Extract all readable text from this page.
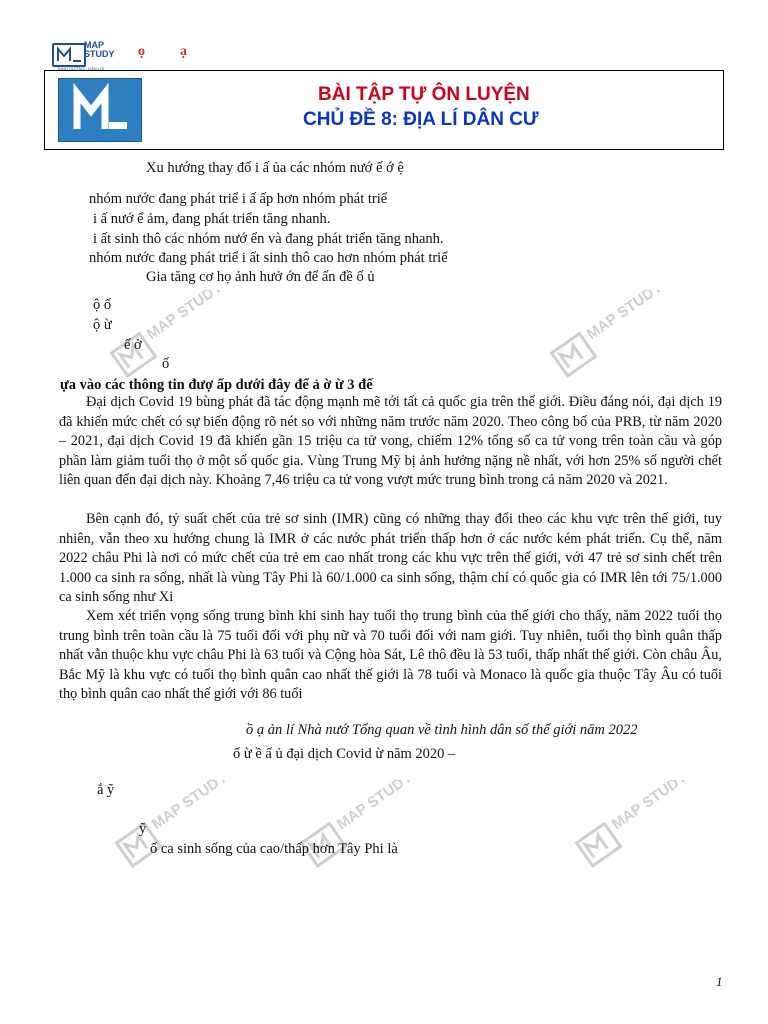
MAP
STUDY
ĐỊNH HƯỚNG - DẪN LỐI
ọ	ạ
BÀI TẬP TỰ ÔN LUYỆN
CHỦ ĐỀ 8: ĐỊA LÍ DÂN CƯ
MAP STUDY	MAP STUDY
MAP STUDY	MAP STUDY	MAP STUDY
Xu hướng thay đổ i ấ ủa các nhóm nướ ế ớ ệ
nhóm nước đang phát triể i ấ ấp hơn nhóm phát triể
i ấ nướ ể ảm, đang phát triển tăng nhanh.
i ất sinh thô các nhóm nướ ển và đang phát triển tăng nhanh.
nhóm nước đang phát triể i ất sinh thô cao hơn nhóm phát triể
Gia tăng cơ họ ảnh hưở ớn để ấn đề ố ủ
ộ ố
ộ ừ
ế ở
ố
ựa vào các thông tin đượ ấp dưới đây để ả ờ ừ 3 đế
Đại dịch Covid 19 bùng phát đã tác động mạnh mẽ tới tất cả quốc gia trên thế giới. Điều đáng nói, đại dịch 19 đã khiến mức chết có sự biến động rõ nét so với những năm trước năm 2020. Theo công bố của PRB, từ năm 2020 – 2021, đại dịch Covid 19 đã khiến gần 15 triệu ca tử vong, chiếm 12% tổng số ca tử vong trên toàn cầu và góp phần làm giảm tuổi thọ ở một số quốc gia. Vùng Trung Mỹ bị ảnh hưởng nặng nề nhất, với hơn 25% số người chết liên quan đến đại dịch này. Khoảng 7,46 triệu ca tử vong vượt mức trung bình trong cả năm 2020 và 2021.
Bên cạnh đó, tỷ suất chết của trẻ sơ sinh (IMR) cũng có những thay đổi theo các khu vực trên thế giới, tuy nhiên, vẫn theo xu hướng chung là IMR ở các nước phát triển thấp hơn ở các nước kém phát triển. Cụ thể, năm 2022 châu Phi là nơi có mức chết của trẻ em cao nhất trong các khu vực trên thế giới, với 47 trẻ sơ sinh chết trên 1.000 ca sinh ra sống, nhất là vùng Tây Phi là 60/1.000 ca sinh sống, thậm chí có quốc gia có IMR lên tới 75/1.000 ca sinh sống như Xi
Xem xét triển vọng sống trung bình khi sinh hay tuổi thọ trung bình của thế giới cho thấy, năm 2022 tuổi thọ trung bình trên toàn cầu là 75 tuổi đối với phụ nữ và 70 tuổi đối với nam giới. Tuy nhiên, tuổi thọ bình quân thấp nhất vẫn thuộc khu vực châu Phi là 63 tuổi và Cộng hòa Sát, Lê thô đều là 53 tuổi, thấp nhất thế giới. Còn châu Âu, Bắc Mỹ là khu vực có tuổi thọ bình quân cao nhất thế giới là 78 tuổi và Monaco là quốc gia thuộc Tây Âu có tuổi thọ bình quân cao nhất thế giới với 86 tuổi
ồ ạ ản lí Nhà nướ Tổng quan về tình hình dân số thế giới năm 2022
ố ừ ề ấ ủ đại dịch Covid ừ năm 2020 –
ắ ỹ
ỹ
ố ca sinh sống của cao/thấp hơn Tây Phi là
1
